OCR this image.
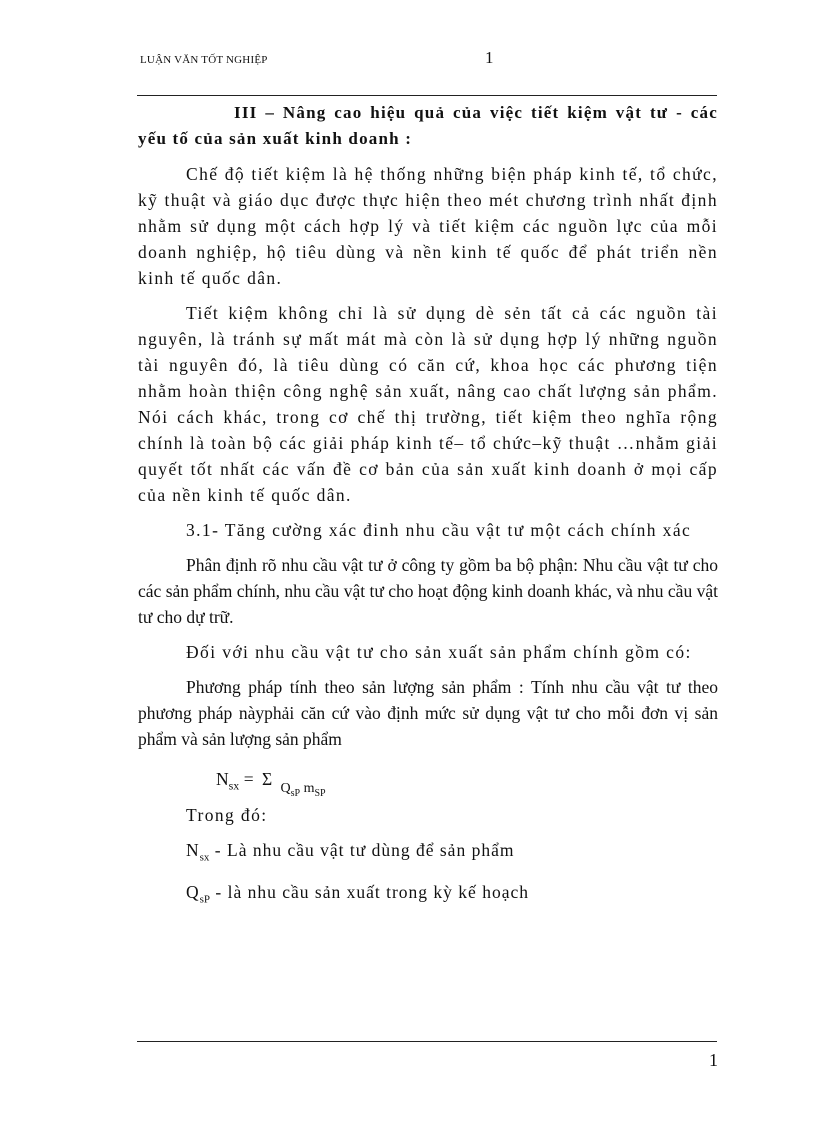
LUẬN VĂN TỐT NGHIỆP	1

III – Nâng cao hiệu quả của việc tiết kiệm vật tư - các yếu tố của sản xuất kinh doanh :

Chế độ tiết kiệm là hệ thống những biện pháp kinh tế, tổ chức, kỹ thuật và giáo dục được thực hiện theo mét chương trình nhất định nhằm sử dụng một cách hợp lý và tiết kiệm các nguồn lực của mỗi doanh nghiệp, hộ tiêu dùng và nền kinh tế quốc để phát triển nền kinh tế quốc dân.

Tiết kiệm không chỉ là sử dụng dè sẻn tất cả các nguồn tài nguyên, là tránh sự mất mát mà còn là sử dụng hợp lý những nguồn tài nguyên đó, là tiêu dùng có căn cứ, khoa học các phương tiện nhằm hoàn thiện công nghệ sản xuất, nâng cao chất lượng sản phẩm. Nói cách khác, trong cơ chế thị trường, tiết kiệm theo nghĩa rộng chính là toàn bộ các giải pháp kinh tế– tổ chức–kỹ thuật …nhằm giải quyết tốt nhất các vấn đề cơ bản của sản xuất kinh doanh ở mọi cấp của nền kinh tế quốc dân.

3.1- Tăng cường xác đinh nhu cầu vật tư một cách chính xác

Phân định rõ nhu cầu vật tư ở công ty gồm ba bộ phận: Nhu cầu vật tư cho các sản phẩm chính, nhu cầu vật tư cho hoạt động kinh doanh khác, và nhu cầu vật tư cho dự trữ.

Đối với nhu cầu vật tư cho sản xuất sản phẩm chính gồm có:

Phương pháp tính theo sản lượng sản phẩm : Tính nhu cầu vật tư theo phương pháp nàyphải căn cứ vào định mức sử dụng vật tư cho mỗi đơn vị sản phẩm và sản lượng sản phẩm

$N_{sx} = \Sigma$ $_{Q_{sP} m_{SP}}$

Trong đó:

$N_{sx}$ - Là nhu cầu vật tư dùng để sản phẩm

$Q_{sP}$ - là nhu cầu sản xuất trong kỳ kế hoạch

1
